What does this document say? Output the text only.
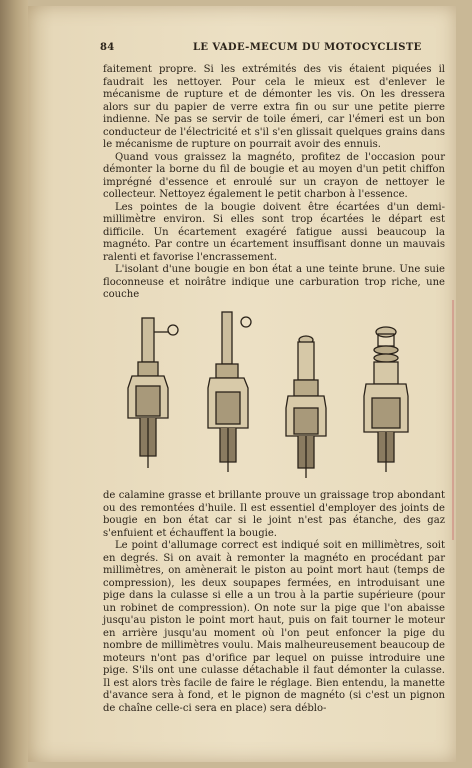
84	LE VADE-MECUM DU MOTOCYCLISTE

faitement propre. Si les extrémités des vis étaient piquées il faudrait les nettoyer. Pour cela le mieux est d'enlever le mécanisme de rupture et de démonter les vis. On les dressera alors sur du papier de verre extra fin ou sur une petite pierre indienne. Ne pas se servir de toile émeri, car l'émeri est un bon conducteur de l'électricité et s'il s'en glissait quelques grains dans le mécanisme de rupture on pourrait avoir des ennuis.

Quand vous graissez la magnéto, profitez de l'occasion pour démonter la borne du fil de bougie et au moyen d'un petit chiffon imprégné d'essence et enroulé sur un crayon de nettoyer le collecteur. Nettoyez également le petit charbon à l'essence.

Les pointes de la bougie doivent être écartées d'un demi-millimètre environ. Si elles sont trop écartées le départ est difficile. Un écartement exagéré fatigue aussi beaucoup la magnéto. Par contre un écartement insuffisant donne un mauvais ralenti et favorise l'encrassement.

L'isolant d'une bougie en bon état a une teinte brune. Une suie floconneuse et noirâtre indique une carburation trop riche, une couche

de calamine grasse et brillante prouve un graissage trop abondant ou des remontées d'huile. Il est essentiel d'employer des joints de bougie en bon état car si le joint n'est pas étanche, des gaz s'enfuient et échauffent la bougie.

Le point d'allumage correct est indiqué soit en millimètres, soit en degrés. Si on avait à remonter la magnéto en procédant par millimètres, on amènerait le piston au point mort haut (temps de compression), les deux soupapes fermées, en introduisant une pige dans la culasse si elle a un trou à la partie supérieure (pour un robinet de compression). On note sur la pige que l'on abaisse jusqu'au piston le point mort haut, puis on fait tourner le moteur en arrière jusqu'au moment où l'on peut enfoncer la pige du nombre de millimètres voulu. Mais malheureusement beaucoup de moteurs n'ont pas d'orifice par lequel on puisse introduire une pige. S'ils ont une culasse détachable il faut démonter la culasse. Il est alors très facile de faire le réglage. Bien entendu, la manette d'avance sera à fond, et le pignon de magnéto (si c'est un pignon de chaîne celle-ci sera en place) sera déblo-
